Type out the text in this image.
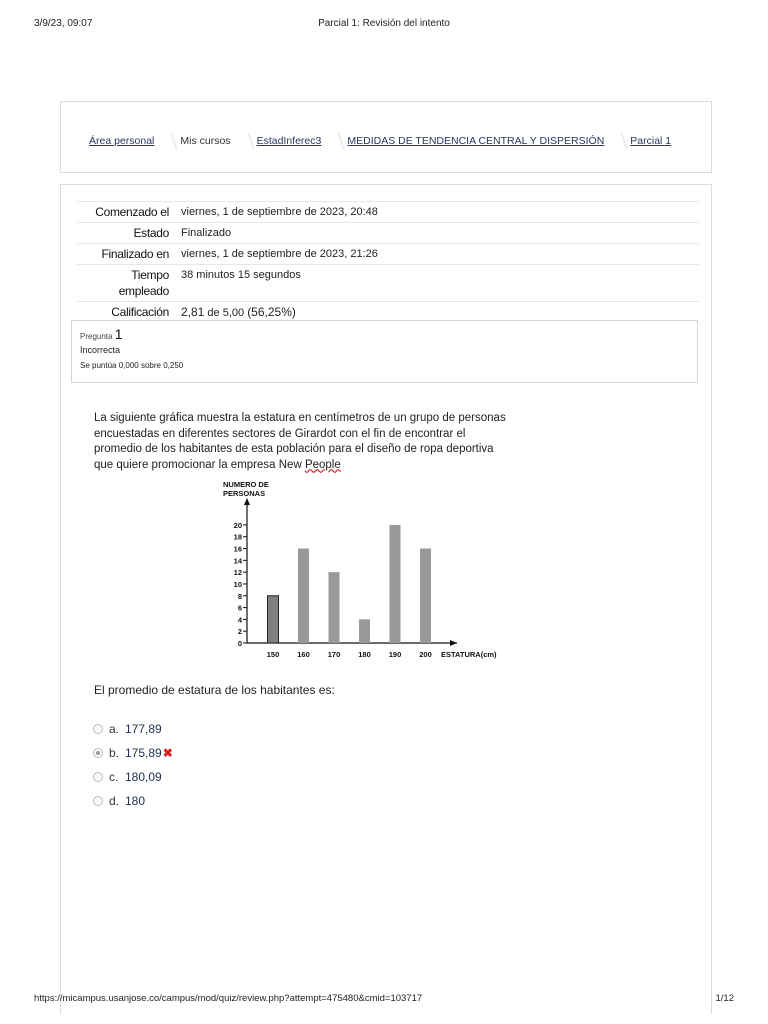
3/9/23, 09:07	Parcial 1: Revisión del intento
Área personal Mis cursos EstadInferec3 MEDIDAS DE TENDENCIA CENTRAL Y DISPERSIÓN Parcial 1
Comenzado el	viernes, 1 de septiembre de 2023, 20:48
Estado	Finalizado
Finalizado en	viernes, 1 de septiembre de 2023, 21:26
Tiempo
empleado	38 minutos 15 segundos
Calificación	2,81 de 5,00 (56,25%)
Pregunta 1
Incorrecta
Se puntúa 0,000 sobre 0,250
La siguiente gráfica muestra la estatura en centímetros de un grupo de personas encuestadas en diferentes sectores de Girardot con el fin de encontrar el promedio de los habitantes de esta población para el diseño de ropa deportiva que quiere promocionar la empresa New People
NUMERO DE
PERSONAS
0
2
4
6
8
10
12
14
16
18
20
150 160 170 180 190 200 ESTATURA(cm)
El promedio de estatura de los habitantes es:
a. 177,89
b. 175,89 ✖
c. 180,09
d. 180
https://micampus.usanjose.co/campus/mod/quiz/review.php?attempt=475480&cmid=103717	1/12
